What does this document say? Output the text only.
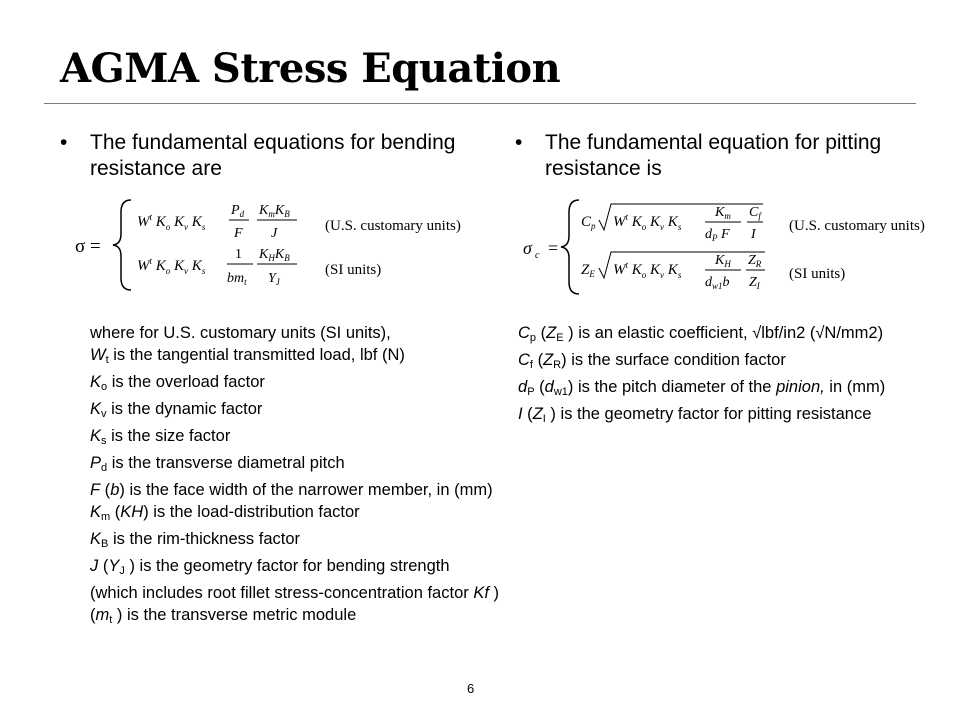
AGMA Stress Equation
• The fundamental equations for bending resistance are
σ =
$W^t$ $K_o$ $K_v$ $K_s$
$P_d$
F
$K_mK_B$
J	(U.S. customary units)
$W^t$ $K_o$ $K_v$ $K_s$
1
$bm_t$
$K_HK_B$
$Y_J$
(SI units)
where for U.S. customary units (SI units),
$W_t$ is the tangential transmitted load, lbf (N)
$K_o$ is the overload factor
$K_v$ is the dynamic factor
$K_s$ is the size factor
$P_d$ is the transverse diametral pitch
F (b) is the face width of the narrower member, in (mm)
$K_m$ (KH) is the load-distribution factor
$K_B$ is the rim-thickness factor
J ($Y_J$ ) is the geometry factor for bending strength (which includes root fillet stress-concentration factor Kf )
($m_t$ ) is the transverse metric module
• The fundamental equation for pitting resistance is
σ c =
$C_p$ $W^t$ $K_o$ $K_v$ $K_s$
$K_m$
$d_P$ F
$C_f$
I
(U.S. customary units)
$Z_E$ $W^t$ $K_o$ $K_v$ $K_s$
$K_H$
$d_{w1}b$
$Z_R$
$Z_I$
(SI units)
$C_p$ ($Z_E$ ) is an elastic coefficient, √lbf/in2 (√N/mm2)
$C_f$ $(Z_R)$ is the surface condition factor
$d_P$ $(d_{w1})$ is the pitch diameter of the pinion, in (mm)
I ($Z_I$ ) is the geometry factor for pitting resistance
6
